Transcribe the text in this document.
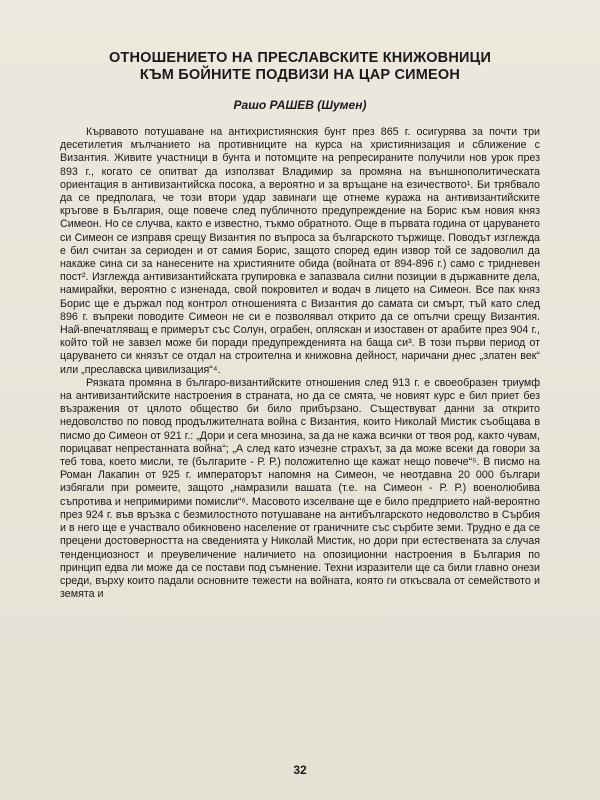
ОТНОШЕНИЕТО НА ПРЕСЛАВСКИТЕ КНИЖОВНИЦИ
КЪМ БОЙНИТЕ ПОДВИЗИ НА ЦАР СИМЕОН
Рашо РАШЕВ (Шумен)

Кървавото потушаване на антихристиянския бунт през 865 г. осигурява за почти три десетилетия мълчанието на противниците на курса на християнизация и сближение с Византия. Живите участници в бунта и потомците на репресираните получили нов урок през 893 г., когато се опитват да използват Владимир за промяна на външнополитическата ориентация в антивизантийска посока, а вероятно и за връщане на езичеството¹. Би трябвало да се предполага, че този втори удар завинаги ще отнеме куража на антивизантийските кръгове в България, още повече след публичното предупреждение на Борис към новия княз Симеон. Но се случва, както е известно, тъкмо обратното. Още в първата година от царуването си Симеон се изправя срещу Византия по въпроса за българското тържище. Поводът изглежда е бил считан за сериоден и от самия Борис, защото според един извор той се задоволил да накаже сина си за нанесените на християните обида (войната от 894-896 г.) само с тридневен пост². Изглежда антивизантийската групировка е запазвала силни позиции в държавните дела, намирайки, вероятно с изненада, свой покровител и водач в лицето на Симеон. Все пак княз Борис ще е държал под контрол отношенията с Византия до самата си смърт, тъй като след 896 г. въпреки поводите Симеон не си е позволявал открито да се опълчи срещу Византия. Най-впечатляващ е примерът със Солун, ограбен, опляскан и изоставен от арабите през 904 г., който той не завзел може би поради предупрежденията на баща си³. В този първи период от царуването си князът се отдал на строителна и книжовна дейност, наричани днес „златен век“ или „преславска цивилизация“⁴.

Рязката промяна в българо-византийските отношения след 913 г. е своеобразен триумф на антивизантийските настроения в страната, но да се смята, че новият курс е бил приет без възражения от цялото общество би било прибързано. Съществуват данни за открито недоволство по повод продължителната война с Византия, които Николай Мистик съобщава в писмо до Симеон от 921 г.: „Дори и сега мнозина, за да не кажа всички от твоя род, както чувам, порицават непрестанната война“; „А след като изчезне страхът, за да може всеки да говори за теб това, което мисли, те (българите - Р. Р.) положително ще кажат нещо повече“⁵. В писмо на Роман Лакапин от 925 г. императорът напомня на Симеон, че неотдавна 20 000 българи избягали при ромеите, защото „намразили вашата (т.е. на Симеон - Р. Р.) военолюбива съпротива и непримирими помисли“⁶. Масовото изселване ще е било предприето най-вероятно през 924 г. във връзка с безмилостното потушаване на антибългарското недоволство в Сърбия и в него ще е участвало обикновено население от граничните със сърбите земи. Трудно е да се прецени достоверността на сведенията у Николай Мистик, но дори при естествената за случая тенденциозност и преувеличение наличието на опозиционни настроения в България по принцип едва ли може да се постави под съмнение. Техни изразители ще са били главно онези среди, върху които падали основните тежести на войната, която ги откъсвала от семейството и земята и

32
